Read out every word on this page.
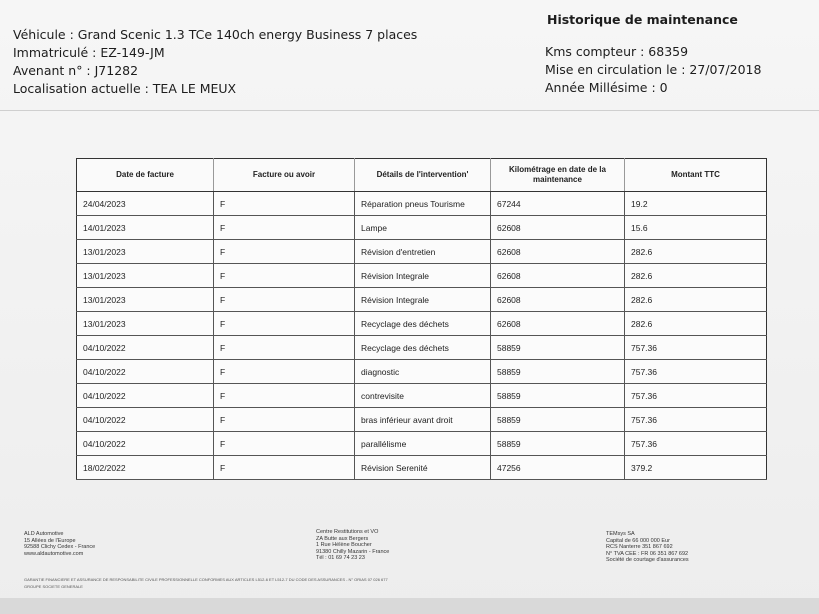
Véhicule : Grand Scenic 1.3 TCe 140ch energy Business 7 places
Immatriculé : EZ-149-JM
Avenant n° : J71282
Localisation actuelle : TEA LE MEUX
Historique de maintenance
Kms compteur : 68359
Mise en circulation le : 27/07/2018
Année Millésime : 0
Date de facture	Facture ou avoir	Détails de l'intervention'	Kilométrage en date de la maintenance	Montant TTC
24/04/2023	F	Réparation pneus Tourisme	67244	19.2
14/01/2023	F	Lampe	62608	15.6
13/01/2023	F	Révision d'entretien	62608	282.6
13/01/2023	F	Révision Integrale	62608	282.6
13/01/2023	F	Révision Integrale	62608	282.6
13/01/2023	F	Recyclage des déchets	62608	282.6
04/10/2022	F	Recyclage des déchets	58859	757.36
04/10/2022	F	diagnostic	58859	757.36
04/10/2022	F	contrevisite	58859	757.36
04/10/2022	F	bras inférieur avant droit	58859	757.36
04/10/2022	F	parallélisme	58859	757.36
18/02/2022	F	Révision Serenité	47256	379.2
ALD Automotive
15 Allées de l'Europe
92588 Clichy Cedex - France
www.aldautomotive.com
Centre Restitutions et VO
ZA Butte aux Bergers
1 Rue Hélène Boucher
91380 Chilly Mazarin - France
Tél : 01 69 74 23 23
TEMsys SA
Capital de 66 000 000 Eur
RCS Nanterre 351 867 692
N° TVA CEE : FR 06 351 867 692
Société de courtage d'assurances
GARANTIE FINANCIERE ET ASSURANCE DE RESPONSABILITE CIVILE PROFESSIONNELLE CONFORMES AUX ARTICLES L512-6 ET L512-7 DU CODE DES ASSURANCES - N° ORIAS 07 026 677
GROUPE SOCIETE GENERALE
